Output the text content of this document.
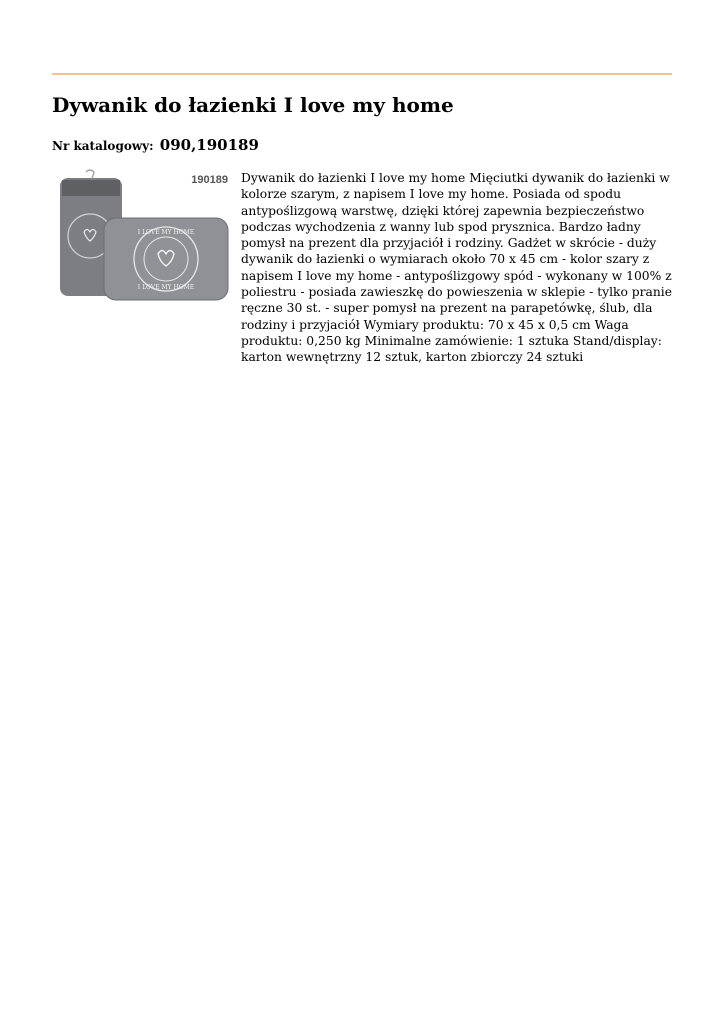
Dywanik do łazienki I love my home
Nr katalogowy: 090,190189
I LOVE MY HOME
I LOVE MY HOME
190189 Dywanik do łazienki I love my home Mięciutki dywanik do łazienki w kolorze szarym, z napisem I love my home. Posiada od spodu antypoślizgową warstwę, dzięki której zapewnia bezpieczeństwo podczas wychodzenia z wanny lub spod prysznica. Bardzo ładny pomysł na prezent dla przyjaciół i rodziny. Gadżet w skrócie - duży dywanik do łazienki o wymiarach około 70 x 45 cm - kolor szary z napisem I love my home - antypoślizgowy spód - wykonany w 100% z poliestru - posiada zawieszkę do powieszenia w sklepie - tylko pranie ręczne 30 st. - super pomysł na prezent na parapetówkę, ślub, dla rodziny i przyjaciół Wymiary produktu: 70 x 45 x 0,5 cm Waga produktu: 0,250 kg Minimalne zamówienie: 1 sztuka Stand/display: karton wewnętrzny 12 sztuk, karton zbiorczy 24 sztuki
